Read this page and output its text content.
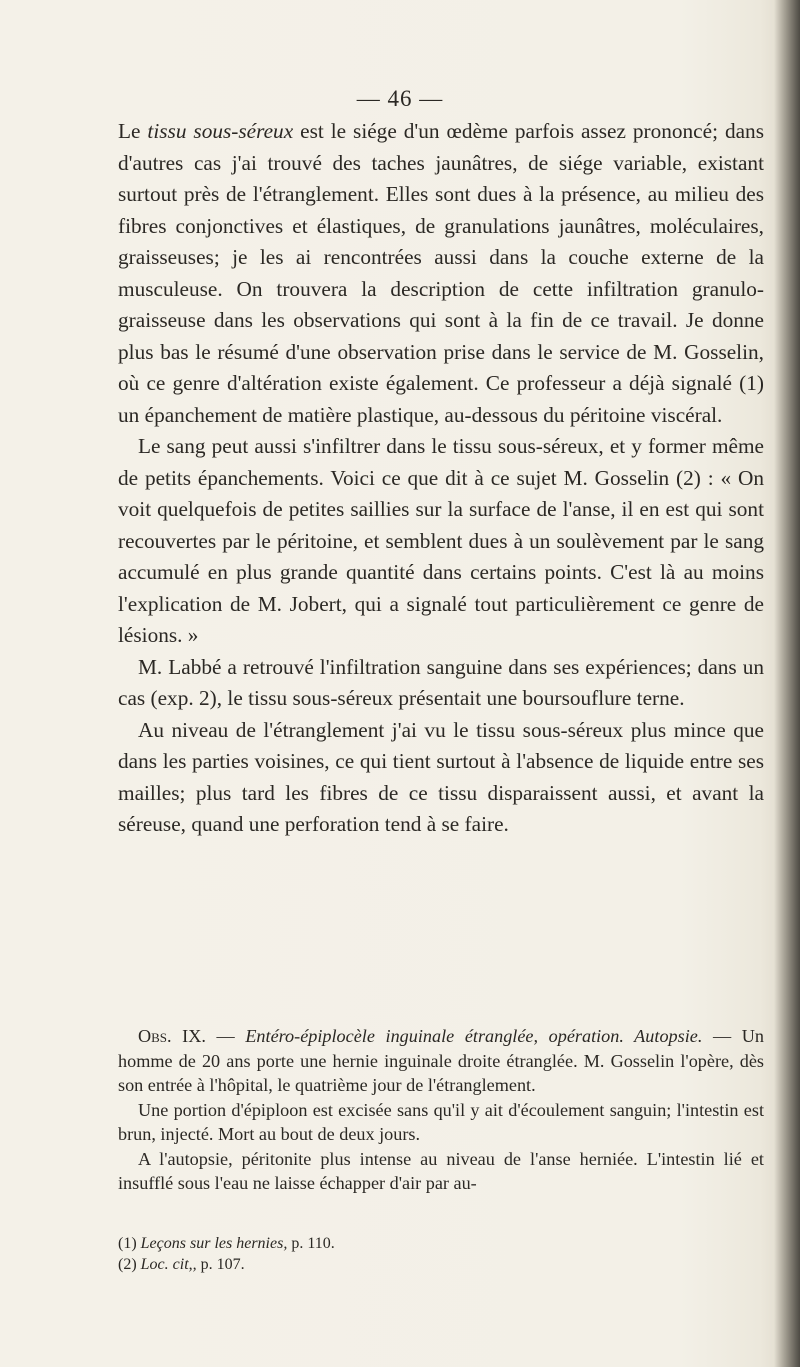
— 46 —

Le tissu sous-séreux est le siége d'un œdème parfois assez prononcé; dans d'autres cas j'ai trouvé des taches jaunâtres, de siége variable, existant surtout près de l'étranglement. Elles sont dues à la présence, au milieu des fibres conjonctives et élastiques, de granulations jaunâtres, moléculaires, graisseuses; je les ai rencontrées aussi dans la couche externe de la musculeuse. On trouvera la description de cette infiltration granulo-graisseuse dans les observations qui sont à la fin de ce travail. Je donne plus bas le résumé d'une observation prise dans le service de M. Gosselin, où ce genre d'altération existe également. Ce professeur a déjà signalé (1) un épanchement de matière plastique, au-dessous du péritoine viscéral.

Le sang peut aussi s'infiltrer dans le tissu sous-séreux, et y former même de petits épanchements. Voici ce que dit à ce sujet M. Gosselin (2) : « On voit quelquefois de petites saillies sur la surface de l'anse, il en est qui sont recouvertes par le péritoine, et semblent dues à un soulèvement par le sang accumulé en plus grande quantité dans certains points. C'est là au moins l'explication de M. Jobert, qui a signalé tout particulièrement ce genre de lésions. »

M. Labbé a retrouvé l'infiltration sanguine dans ses expériences; dans un cas (exp. 2), le tissu sous-séreux présentait une boursouflure terne.

Au niveau de l'étranglement j'ai vu le tissu sous-séreux plus mince que dans les parties voisines, ce qui tient surtout à l'absence de liquide entre ses mailles; plus tard les fibres de ce tissu disparaissent aussi, et avant la séreuse, quand une perforation tend à se faire.

Obs. IX. — Entéro-épiplocèle inguinale étranglée, opération. Autopsie. — Un homme de 20 ans porte une hernie inguinale droite étranglée. M. Gosselin l'opère, dès son entrée à l'hôpital, le quatrième jour de l'étranglement.

Une portion d'épiploon est excisée sans qu'il y ait d'écoulement sanguin; l'intestin est brun, injecté. Mort au bout de deux jours.

A l'autopsie, péritonite plus intense au niveau de l'anse herniée. L'intestin lié et insufflé sous l'eau ne laisse échapper d'air par au-

(1) Leçons sur les hernies, p. 110.

(2) Loc. cit,, p. 107.
